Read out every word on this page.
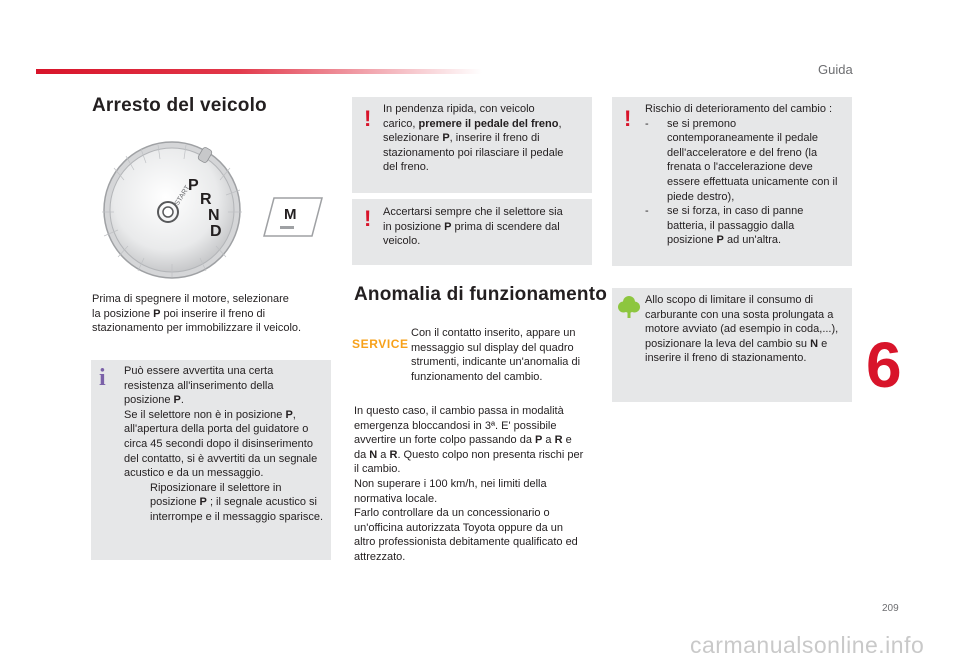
Guida
Arresto del veicolo
P
R
N
D
START
M
Prima di spegnere il motore, selezionare
la posizione P poi inserire il freno di
stazionamento per immobilizzare il veicolo.
i Può essere avvertita una certa
resistenza all'inserimento della
posizione P.
Se il selettore non è in posizione P,
all'apertura della porta del guidatore o
circa 45 secondi dopo il disinserimento
del contatto, si è avvertiti da un segnale
acustico e da un messaggio.
Riposizionare il selettore in
posizione P ; il segnale acustico si
interrompe e il messaggio sparisce.
! In pendenza ripida, con veicolo
carico, premere il pedale del freno,
selezionare P, inserire il freno di
stazionamento poi rilasciare il pedale
del freno.
! Accertarsi sempre che il selettore sia
in posizione P prima di scendere dal
veicolo.
Anomalia di funzionamento
SERVICE
Con il contatto inserito, appare un
messaggio sul display del quadro
strumenti, indicante un'anomalia di
funzionamento del cambio.
In questo caso, il cambio passa in modalità
emergenza bloccandosi in 3ª. E' possibile
avvertire un forte colpo passando da P a R e
da N a R. Questo colpo non presenta rischi per
il cambio.
Non superare i 100 km/h, nei limiti della
normativa locale.
Farlo controllare da un concessionario o
un'officina autorizzata Toyota oppure da un
altro professionista debitamente qualificato ed
attrezzato.
! Rischio di deterioramento del cambio :
-	se si premono
contemporaneamente il pedale
dell'acceleratore e del freno (la
frenata o l'accelerazione deve
essere effettuata unicamente con il
piede destro),
-	se si forza, in caso di panne
batteria, il passaggio dalla
posizione P ad un'altra.
Allo scopo di limitare il consumo di
carburante con una sosta prolungata a
motore avviato (ad esempio in coda,...),
posizionare la leva del cambio su N e
inserire il freno di stazionamento. 6
209
carmanualsonline.info
